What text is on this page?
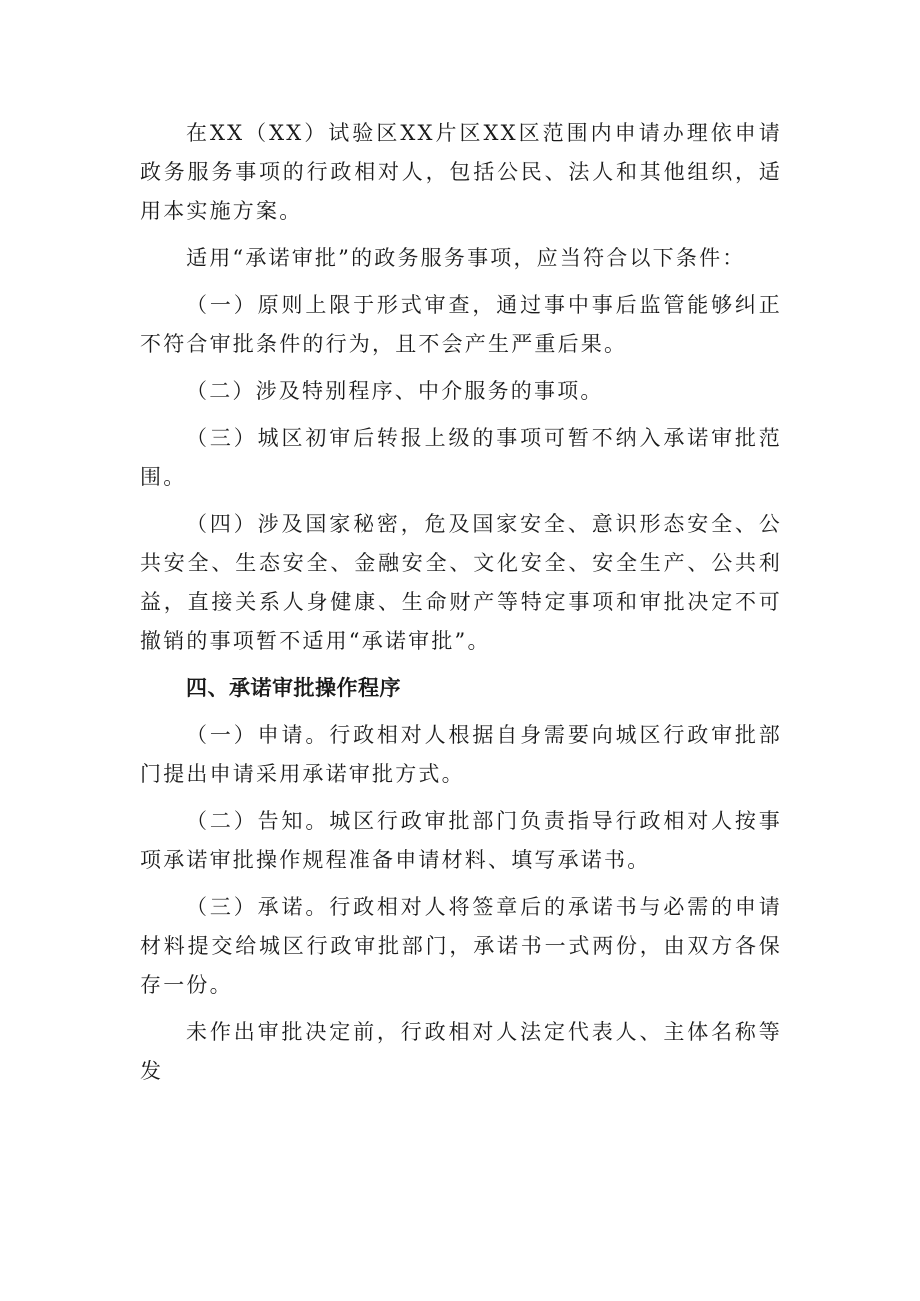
在XX（XX）试验区XX片区XX区范围内申请办理依申请政务服务事项的行政相对人，包括公民、法人和其他组织，适用本实施方案。

适用“承诺审批”的政务服务事项，应当符合以下条件：

（一）原则上限于形式审查，通过事中事后监管能够纠正不符合审批条件的行为，且不会产生严重后果。

（二）涉及特别程序、中介服务的事项。

（三）城区初审后转报上级的事项可暂不纳入承诺审批范围。

（四）涉及国家秘密，危及国家安全、意识形态安全、公共安全、生态安全、金融安全、文化安全、安全生产、公共利益，直接关系人身健康、生命财产等特定事项和审批决定不可撤销的事项暂不适用“承诺审批”。

四、承诺审批操作程序

（一）申请。行政相对人根据自身需要向城区行政审批部门提出申请采用承诺审批方式。

（二）告知。城区行政审批部门负责指导行政相对人按事项承诺审批操作规程准备申请材料、填写承诺书。

（三）承诺。行政相对人将签章后的承诺书与必需的申请材料提交给城区行政审批部门，承诺书一式两份，由双方各保存一份。

未作出审批决定前，行政相对人法定代表人、主体名称等发
